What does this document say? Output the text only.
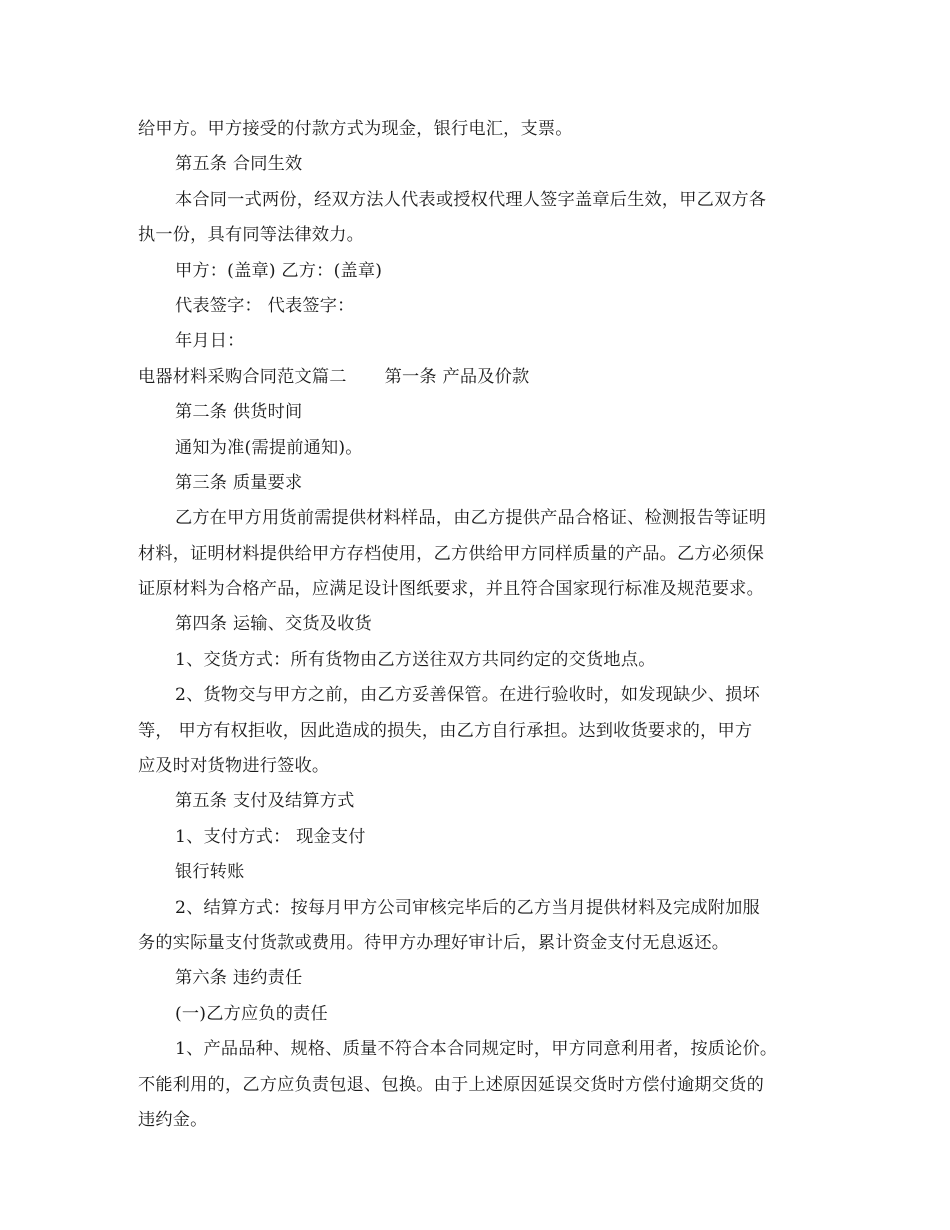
给甲方。甲方接受的付款方式为现金，银行电汇，支票。
第五条 合同生效
本合同一式两份，经双方法人代表或授权代理人签字盖章后生效，甲乙双方各
执一份，具有同等法律效力。
甲方：(盖章) 乙方：(盖章)
代表签字： 代表签字：
年月日：
电器材料采购合同范文篇二 第一条 产品及价款
第二条 供货时间
通知为准(需提前通知)。
第三条 质量要求
乙方在甲方用货前需提供材料样品，由乙方提供产品合格证、检测报告等证明
材料，证明材料提供给甲方存档使用，乙方供给甲方同样质量的产品。乙方必须保
证原材料为合格产品，应满足设计图纸要求，并且符合国家现行标准及规范要求。
第四条 运输、交货及收货
1、交货方式：所有货物由乙方送往双方共同约定的交货地点。
2、货物交与甲方之前，由乙方妥善保管。在进行验收时，如发现缺少、损坏
等， 甲方有权拒收，因此造成的损失，由乙方自行承担。达到收货要求的，甲方
应及时对货物进行签收。
第五条 支付及结算方式
1、支付方式： 现金支付
银行转账
2、结算方式：按每月甲方公司审核完毕后的乙方当月提供材料及完成附加服
务的实际量支付货款或费用。待甲方办理好审计后，累计资金支付无息返还。
第六条 违约责任
(一)乙方应负的责任
1、产品品种、规格、质量不符合本合同规定时，甲方同意利用者，按质论价。
不能利用的，乙方应负责包退、包换。由于上述原因延误交货时方偿付逾期交货的
违约金。
